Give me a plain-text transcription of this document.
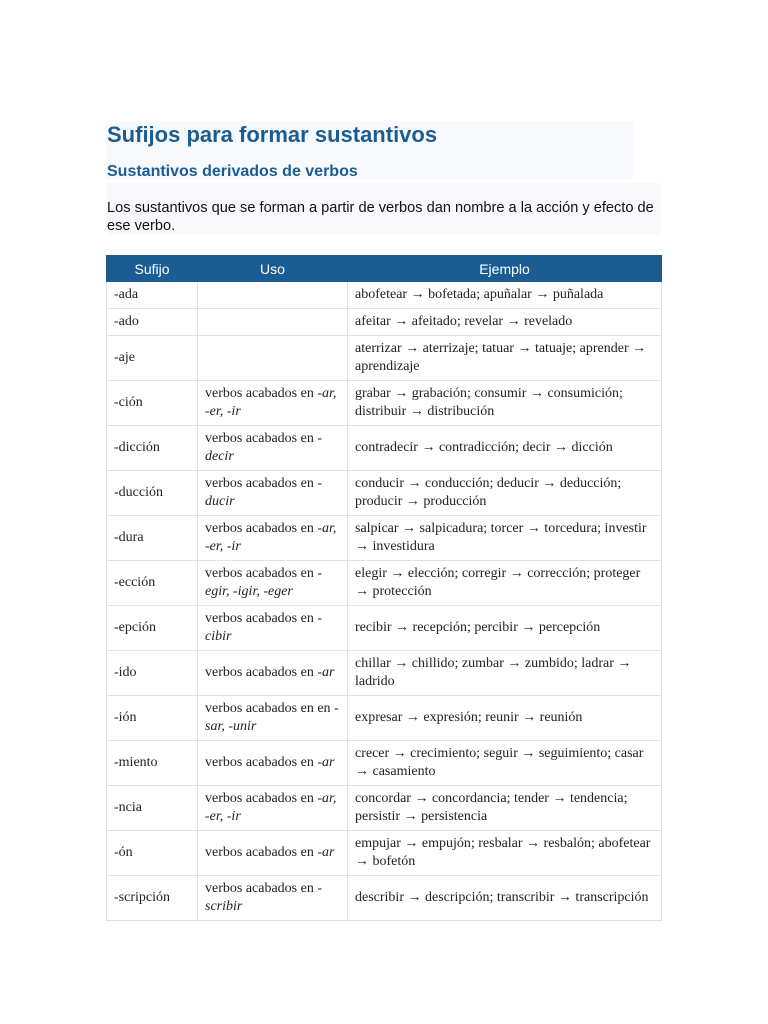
Sufijos para formar sustantivos
Sustantivos derivados de verbos

Los sustantivos que se forman a partir de verbos dan nombre a la acción y efecto de ese verbo.

Sufijo	Uso	Ejemplo
-ada		abofetear → bofetada; apuñalar → puñalada
-ado		afeitar → afeitado; revelar → revelado
-aje		aterrizar → aterrizaje; tatuar → tatuaje; aprender → aprendizaje
-ción	verbos acabados en -ar, -er, -ir	grabar → grabación; consumir → consumición; distribuir → distribución
-dicción	verbos acabados en -decir	contradecir → contradicción; decir → dicción
-ducción	verbos acabados en -ducir	conducir → conducción; deducir → deducción; producir → producción
-dura	verbos acabados en -ar, -er, -ir	salpicar → salpicadura; torcer → torcedura; investir → investidura
-ección	verbos acabados en -egir, -igir, -eger	elegir → elección; corregir → corrección; proteger → protección
-epción	verbos acabados en -cibir	recibir → recepción; percibir → percepción
-ido	verbos acabados en -ar	chillar → chillido; zumbar → zumbido; ladrar → ladrido
-ión	verbos acabados en en -sar, -unir	expresar → expresión; reunir → reunión
-miento	verbos acabados en -ar	crecer → crecimiento; seguir → seguimiento; casar → casamiento
-ncia	verbos acabados en -ar, -er, -ir	concordar → concordancia; tender → tendencia; persistir → persistencia
-ón	verbos acabados en -ar	empujar → empujón; resbalar → resbalón; abofetear → bofetón
-scripción	verbos acabados en -scribir	describir → descripción; transcribir → transcripción
